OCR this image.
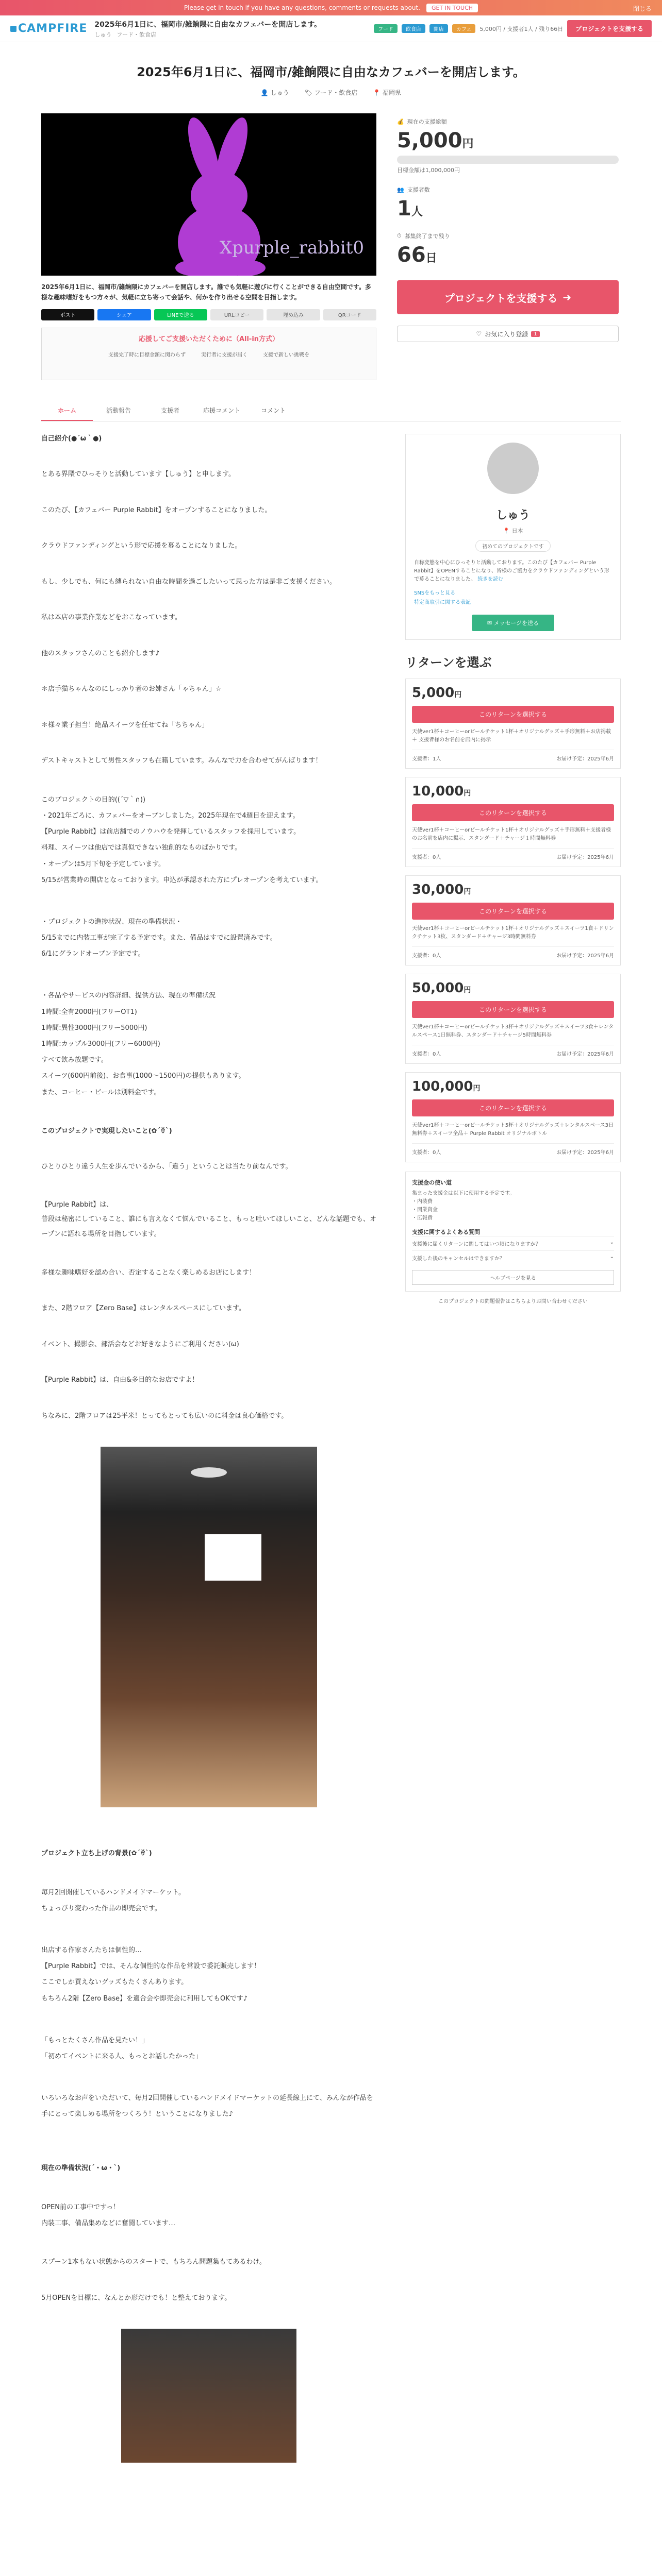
Please get in touch if you have any questions, comments or requests about.	GET IN TOUCH	閉じる
CAMPFIRE 2025年6月1日に、福岡市/雑餉隈に自由なカフェバーを開店します。
しゅう フード・飲食店
フード	飲食店	開店	カフェ	5,000円 / 支援者1人 / 残り66日	プロジェクトを支援する
2025年6月1日に、福岡市/雑餉隈に自由なカフェバーを開店します。
👤 しゅう	🏷 フード・飲食店	📍 福岡県
Xpurple_rabbit0

2025年6月1日に、福岡市/雑餉隈にカフェバーを開店します。誰でも気軽に遊びに行くことができる自由空間です。多様な趣味嗜好をもつ方々が、気軽に立ち寄って会話や、何かを作り出せる空間を目指します。

ポスト	シェア	LINEで送る	URLコピー	埋め込み	QRコード
応援してご支援いただくために（All-in方式）
支援完了時に目標金額に関わらず	実行者に支援が届く	支援で新しい挑戦を
💰 現在の支援総額
5,000円
目標金額は1,000,000円
👥 支援者数
1人
⏱ 募集終了まで残り
66日
プロジェクトを支援する ➜
♡ お気に入り登録	1
ホーム	活動報告	支援者	応援コメント	コメント

自己紹介(●´ω｀●)

とある界隈でひっそりと活動しています【しゅう】と申します。

このたび、【カフェバー Purple Rabbit】をオープンすることになりました。

クラウドファンディングという形で応援を募ることになりました。

もし、少しでも、何にも縛られない自由な時間を過ごしたいって思った方は是非ご支援ください。

私は本店の事業作業などをおこなっています。

他のスタッフさんのことも紹介します♪

＊店手猫ちゃんなのにしっかり者のお姉さん「ゃちゃん」☆

＊様々業子担当！絶品スイーツを任せてね「ちちゃん」

デストキャストとして男性スタッフも在籍しています。みんなで力を合わせてがんばります！

このプロジェクトの目的((´▽｀∩))
・2021年ごろに、カフェバーをオープンしました。2025年現在で4週目を迎えます。
【Purple Rabbit】は前店舗でのノウハウを発揮しているスタッフを採用しています。
料理、スイーツは他店では真似できない独創的なものばかりです。
・オープンは5月下旬を予定しています。
5/15が営業時の開店となっております。申込が承認された方にプレオープンを考えています。

・プロジェクトの進捗状況、現在の準備状況・
5/15までに内装工事が完了する予定です。また、備品はすでに設置済みです。
6/1にグランドオープン予定です。

・各品やサービスの内容詳細、提供方法、現在の準備状況
1時間:全有2000円(フリーOT1)
1時間:異性3000円(フリー5000円)
1時間:カップル3000円(フリー6000円)
すべて飲み放題です。
スイーツ(600円前後)、お食事(1000〜1500円)の提供もあります。
また、コーヒー・ビールは別料金です。

このプロジェクトで実現したいこと(✿´ꈊ`)

ひとりひとり違う人生を歩んでいるから、「違う」ということは当たり前なんです。

【Purple Rabbit】は、
普段は秘密にしていること、誰にも言えなくて悩んでいること、もっと吐いてほしいこと、どんな話題でも、オープンに語れる場所を目指しています。

多様な趣味嗜好を認め合い、否定することなく楽しめるお店にします！

また、2階フロア【Zero Base】はレンタルスペースにしています。

イベント、撮影会、部活会などお好きなようにご利用ください(ω)

【Purple Rabbit】は、自由&多目的なお店ですよ！

ちなみに、2階フロアは25平米！とってもとっても広いのに料金は良心価格です。

プロジェクト立ち上げの背景(✿´ꈊ`)

毎月2回開催しているハンドメイドマーケット。
ちょっぴり変わった作品の即売会です。

出店する作家さんたちは個性的…
【Purple Rabbit】では、そんな個性的な作品を常設で委託販売します！
ここでしか買えないグッズもたくさんあります。
もちろん2階【Zero Base】を適合会や即売会に利用してもOKです♪

「もっとたくさん作品を見たい！」
「初めてイベントに来る人、もっとお話したかった」

いろいろなお声をいただいて、毎月2回開催しているハンドメイドマーケットの延長線上にて、みんなが作品を手にとって楽しめる場所をつくろう！ということになりました♪

現在の準備状況(´・ω・`)

OPEN前の工事中ですっ！
内装工事、備品集めなどに奮闘しています…

スプーン1本もない状態からのスタートで、もちろん問題集もてあるわけ。

5月OPENを目標に、なんとか形だけでも！と整えております。

しゅう
📍 日本
初めてのプロジェクトです
自称変態を中心にひっそりと活動しております。このたび【カフェバー Purple Rabbit】をOPENすることになり、皆様のご協力をクラウドファンディングという形で募ることになりました。 続きを読む
SNSをもっと見る
特定商取引に関する表記
✉ メッセージを送る
リターンを選ぶ
5,000円
このリターンを選択する
天使ver1杯＋コーヒーorビールチケット1杯＋オリジナルグッズ＋手形無料＋お店掲載＋ 支援者様のお名前を店内に掲示
支援者：1人	お届け予定：2025年6月
10,000円
このリターンを選択する
天使ver1杯＋コーヒーorビールチケット1杯＋オリジナルグッズ＋手形無料＋支援者様のお名前を店内に掲示、スタンダード＋チャージ１時間無料券
支援者：0人	お届け予定：2025年6月
30,000円
このリターンを選択する
天使ver1杯＋コーヒーorビールチケット1杯＋オリジナルグッズ＋スイーツ1食＋ドリンクチケット3枚、スタンダード＋チャージ3時間無料券
支援者：0人	お届け予定：2025年6月
50,000円
このリターンを選択する
天使ver1杯＋コーヒーorビールチケット3杯＋オリジナルグッズ＋スイーツ3食＋レンタルスペース1日無料券、スタンダード＋チャージ5時間無料券
支援者：0人	お届け予定：2025年6月
100,000円
このリターンを選択する
天使ver1杯＋コーヒーorビールチケット5杯＋オリジナルグッズ＋レンタルスペース3日無料券＋スイーツ全品＋ Purple Rabbit オリジナルボトル
支援者：0人	お届け予定：2025年6月
支援金の使い道
集まった支援金は以下に使用する予定です。
・内装費
・開業資金
・広報費
支援に関するよくある質問
支援後に届くリターンに関してはいつ頃になりますか？	⌄
支援した後のキャンセルはできますか？	⌄
ヘルプページを見る
このプロジェクトの問題報告はこちらよりお問い合わせください
